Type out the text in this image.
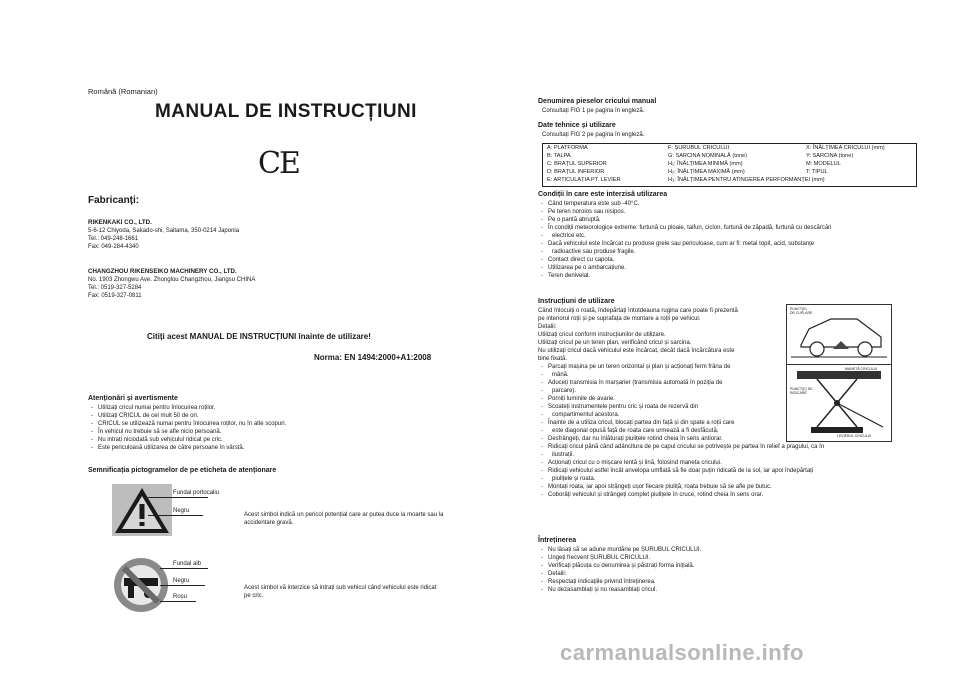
Română (Romanian)
MANUAL DE INSTRUCȚIUNI
CE
Fabricanți:
RIKENKAKI CO., LTD.
5-6-12 Chiyoda, Sakado-shi, Saitama, 350-0214 Japonia
Tel.: 049-248-1661
Fax: 049-284-4340
CHANGZHOU RIKENSEIKO MACHINERY CO., LTD.
No. 1903 Zhongwu Ave. Zhonglou Changzhou, Jiangsu CHINA
Tel.: 0519-327-5284
Fax: 0519-327-0811
Citiți acest MANUAL DE INSTRUCȚIUNI înainte de utilizare!
Norma: EN 1494:2000+A1:2008
Atenționări și avertismente
- Utilizați cricul numai pentru înlocuirea roților.
- Utilizați CRICUL de cel mult 50 de ori.
- CRICUL se utilizează numai pentru înlocuirea roților, nu în alte scopuri.
- În vehicul nu trebuie să se afle nicio persoană.
- Nu intrați niciodată sub vehiculul ridicat pe cric.
- Este periculoasă utilizarea de către persoane în vârstă.
Semnificația pictogramelor de pe eticheta de atenționare
Fundal portocaliu
Negru
Acest simbol indică un pericol potențial care ar putea duce la moarte sau la accidentare gravă.
Fundal alb
Negru
Roșu
Acest simbol vă interzice să intrați sub vehicul când vehiculul este ridicat pe cric.
Denumirea pieselor cricului manual
Consultați FIG 1 pe pagina în engleză.
Date tehnice și utilizare
Consultați FIG 2 pe pagina în engleză.
A: PLATFORMA	F: ȘURUBUL CRICULUI	X: ÎNĂLȚIMEA CRICULUI (mm)
B: TALPA	G: SARCINA NOMINALĂ (tone)	Y: SARCINA (tone)
C: BRAȚUL SUPERIOR	H₁: ÎNĂLȚIMEA MINIMĂ (mm)	M: MODELUL
D: BRAȚUL INFERIOR	H₂: ÎNĂLȚIMEA MAXIMĂ (mm)	T: TIPUL
E: ARTICULAȚIA PT. LEVIER	H₃: ÎNĂLȚIMEA PENTRU ATINGEREA PERFORMANȚEI (mm)
Condiții în care este interzisă utilizarea
- Când temperatura este sub -40°C.
- Pe teren noroios sau nisipos.
- Pe o pantă abruptă.
- În condiții meteorologice extreme: furtună cu ploaie, taifun, ciclon, furtună de zăpadă, furtună cu descărcări
- electrice etc.
- Dacă vehiculul este încărcat cu produse grele sau periculoase, cum ar fi: metal topit, acid, substanțe
- radioactive sau produse fragile.
- Contact direct cu capota.
- Utilizarea pe o ambarcațiune.
- Teren denivelat.
Instrucțiuni de utilizare
Când înlocuiți o roată, îndepărtați întotdeauna rugina care poate fi prezentă
pe interiorul roții și pe suprafața de montare a roții pe vehicul.
Detalii:
Utilizați cricul conform instrucțiunilor de utilizare.
Utilizați cricul pe un teren plan, verificând cricul și sarcina.
Nu utilizați cricul dacă vehiculul este încărcat, decât dacă încărcătura este
bine fixată.
- Parcați mașina pe un teren orizontal și plan și acționați ferm frâna de
- mână.
- Aduceți transmisia în marșarier (transmisia automată în poziția de
- parcare).
- Porniți luminile de avarie.
- Scoateți instrumentele pentru cric și roata de rezervă din
- compartimentul acestora.
- Înainte de a utiliza cricul, blocați partea din față și din spate a roții care
- este diagonal opusă față de roata care urmează a fi desfăcută.
- Desfrângeți, dar nu înlăturați piulițele rotind cheia în sens antiorar.
- Ridicați cricul până când adâncitura de pe capul cricului se potrivește pe partea în relief a pragului, ca în
- ilustrații.
- Acționați cricul cu o mișcare lentă și lină, folosind maneta cricului.
- Ridicați vehiculul astfel încât anvelopa umflată să fie doar puțin ridicată de la sol, iar apoi îndepărtați
- piulițele și roata.
- Montați roata, iar apoi strângeți ușor fiecare piuliță; roata trebuie să se afle pe butuc.
- Coborâți vehiculul și strângeți complet piulițele în cruce, rotind cheia în sens orar.
PUNCT(E)
DE CUPLARE
PUNCT(E) DE
RIDICARE
MANETĂ CRICULUI
LEVIERUL CRICULUI
Întreținerea
- Nu lăsați să se adune murdărie pe ȘURUBUL CRICULUI.
- Ungeți frecvent ȘURUBUL CRICULUI.
- Verificați plăcuța cu denumirea și păstrați forma inițială.
- Detalii:
- Respectați indicațiile privind întreținerea.
- Nu dezasamblați și nu reasamblați cricul.
carmanualsonline.info
